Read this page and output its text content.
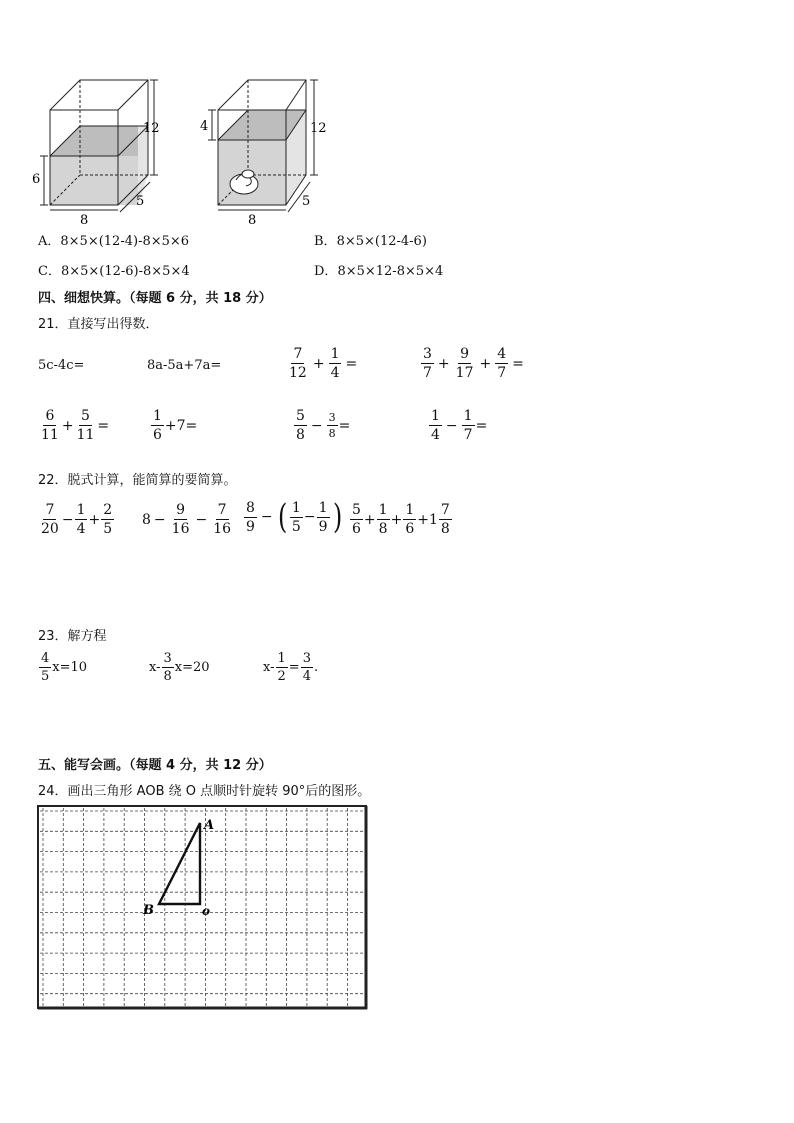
12
6
8
5
4	12
8
5
A．8×5×(12-4)-8×5×6	B．8×5×(12-4-6)
C．8×5×(12-6)-8×5×4	D．8×5×12-8×5×4
四、细想快算。（每题 6 分，共 18 分）
21．直接写出得数．
5c-4c=	8a-5a+7a=	$\frac{7}{12} + \frac{1}{4}$ =	$\frac{3}{7} + \frac{9}{17} + \frac{4}{7}$ =
$\frac{6}{11} + \frac{5}{11}$ =	$\frac{1}{6} +7=$	$\frac{5}{8} - \frac{3}{8}$ =	$\frac{1}{4} - \frac{1}{7}$ =
22．脱式计算，能简算的要简算。
$\frac{7}{20} - \frac{1}{4} + \frac{2}{5} 8 - \frac{9}{16} - \frac{7}{16} \frac{8}{9}$ − ( $\frac{1}{5} - \frac{1}{9}$ ) $\frac{5}{6} + \frac{1}{8} + \frac{1}{6} + 1 \frac{7}{8}$
23．解方程
$\frac{4}{5} x=10$	$x- \frac{3}{8} x=20$	$x- \frac{1}{2} = \frac{3}{4}$ .
五、能写会画。（每题 4 分，共 12 分）
24．画出三角形 AOB 绕 O 点顺时针旋转 90°后的图形。
A
B	o
